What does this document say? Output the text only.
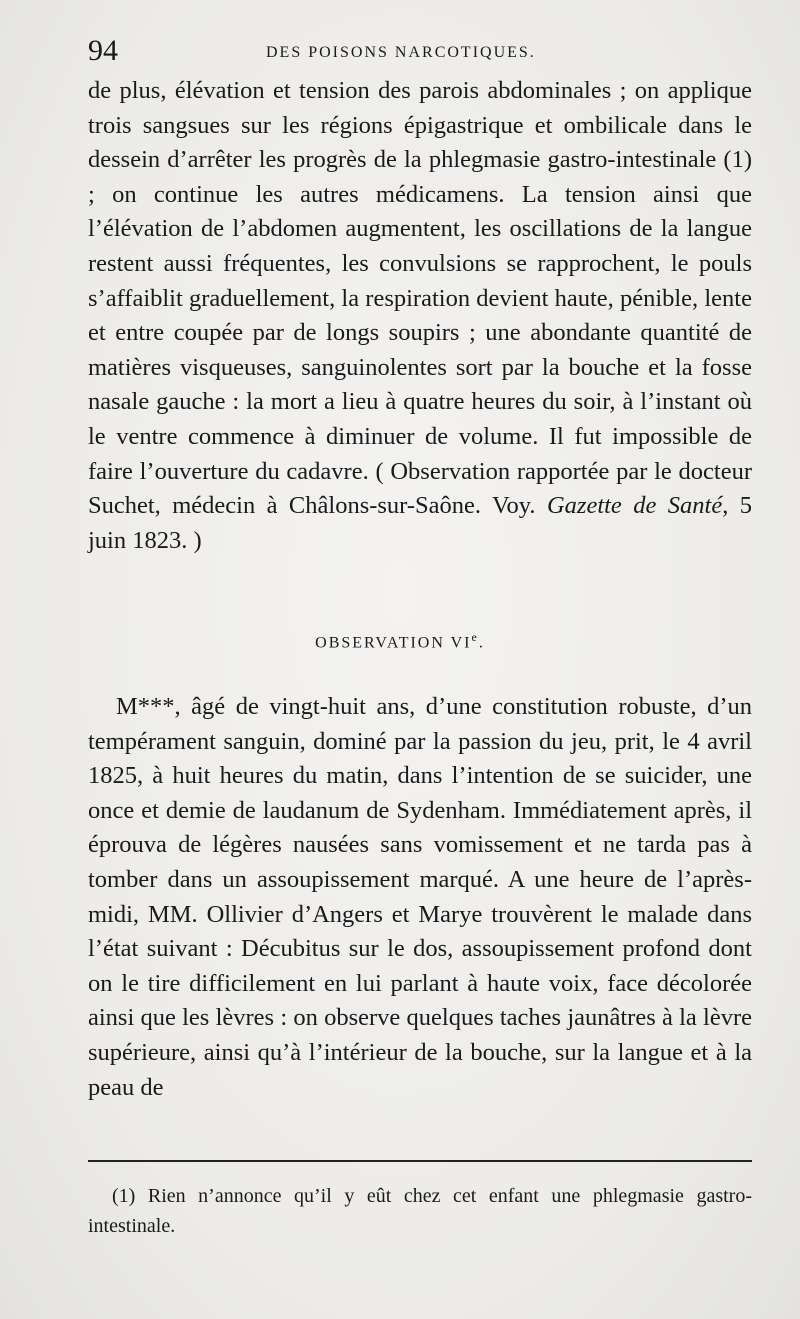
94	DES POISONS NARCOTIQUES.

de plus, élévation et tension des parois abdominales ; on applique trois sangsues sur les régions épigastrique et ombilicale dans le dessein d’arrêter les progrès de la phlegmasie gastro-intestinale (1) ; on continue les autres médicamens. La tension ainsi que l’élévation de l’abdomen augmentent, les oscillations de la langue restent aussi fréquentes, les convulsions se rapprochent, le pouls s’affaiblit graduellement, la respiration devient haute, pénible, lente et entre coupée par de longs soupirs ; une abondante quantité de matières visqueuses, sanguinolentes sort par la bouche et la fosse nasale gauche : la mort a lieu à quatre heures du soir, à l’instant où le ventre commence à diminuer de volume. Il fut impossible de faire l’ouverture du cadavre. ( Observation rapportée par le docteur Suchet, médecin à Châlons-sur-Saône. Voy. Gazette de Santé, 5 juin 1823. )

OBSERVATION VIe.

M***, âgé de vingt-huit ans, d’une constitution robuste, d’un tempérament sanguin, dominé par la passion du jeu, prit, le 4 avril 1825, à huit heures du matin, dans l’intention de se suicider, une once et demie de laudanum de Sydenham. Immédiatement après, il éprouva de légères nausées sans vomissement et ne tarda pas à tomber dans un assoupissement marqué. A une heure de l’après-midi, MM. Ollivier d’Angers et Marye trouvèrent le malade dans l’état suivant : Décubitus sur le dos, assoupissement profond dont on le tire difficilement en lui parlant à haute voix, face décolorée ainsi que les lèvres : on observe quelques taches jaunâtres à la lèvre supérieure, ainsi qu’à l’intérieur de la bouche, sur la langue et à la peau de

(1) Rien n’annonce qu’il y eût chez cet enfant une phlegmasie gastro-intestinale.
